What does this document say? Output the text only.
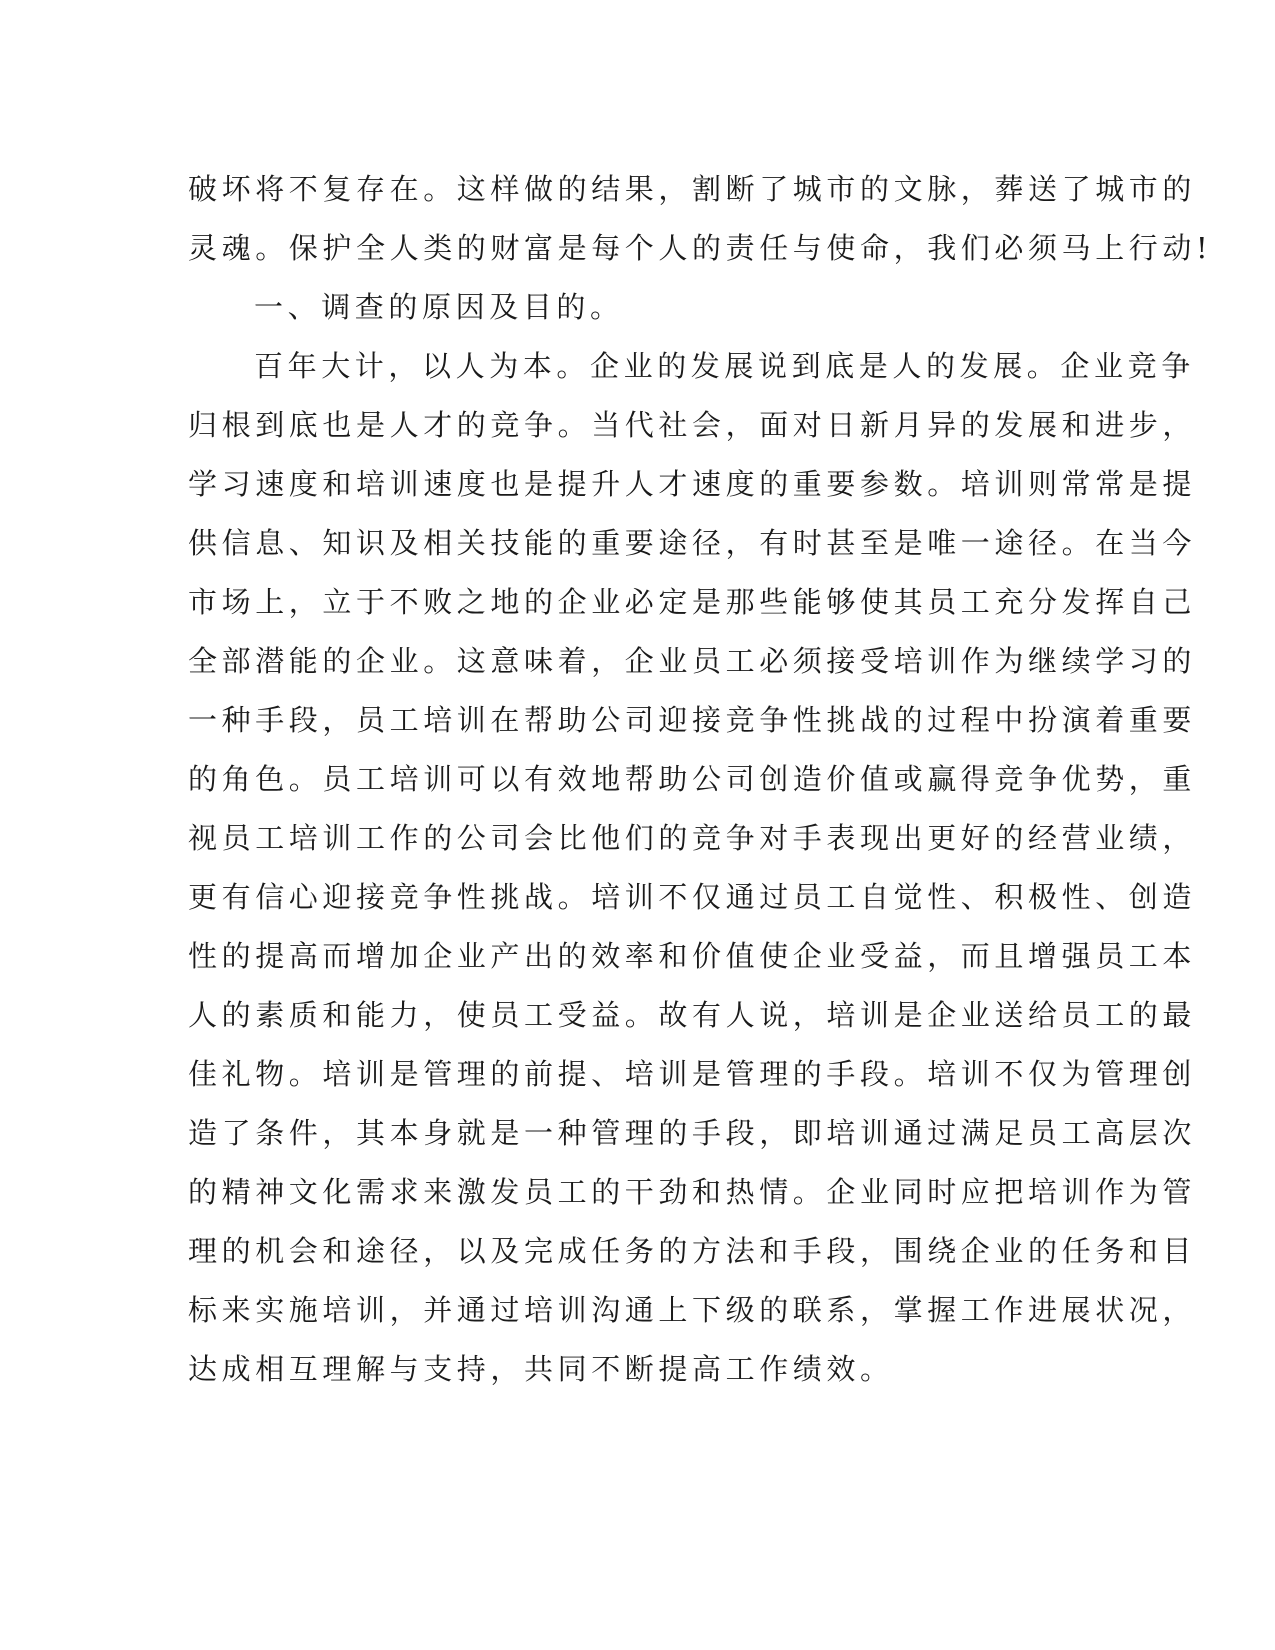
破坏将不复存在。这样做的结果，割断了城市的文脉，葬送了城市的
灵魂。保护全人类的财富是每个人的责任与使命，我们必须马上行动!
一、调查的原因及目的。
百年大计，以人为本。企业的发展说到底是人的发展。企业竞争
归根到底也是人才的竞争。当代社会，面对日新月异的发展和进步，
学习速度和培训速度也是提升人才速度的重要参数。培训则常常是提
供信息、知识及相关技能的重要途径，有时甚至是唯一途径。在当今
市场上，立于不败之地的企业必定是那些能够使其员工充分发挥自己
全部潜能的企业。这意味着，企业员工必须接受培训作为继续学习的
一种手段，员工培训在帮助公司迎接竞争性挑战的过程中扮演着重要
的角色。员工培训可以有效地帮助公司创造价值或赢得竞争优势，重
视员工培训工作的公司会比他们的竞争对手表现出更好的经营业绩，
更有信心迎接竞争性挑战。培训不仅通过员工自觉性、积极性、创造
性的提高而增加企业产出的效率和价值使企业受益，而且增强员工本
人的素质和能力，使员工受益。故有人说，培训是企业送给员工的最
佳礼物。培训是管理的前提、培训是管理的手段。培训不仅为管理创
造了条件，其本身就是一种管理的手段，即培训通过满足员工高层次
的精神文化需求来激发员工的干劲和热情。企业同时应把培训作为管
理的机会和途径，以及完成任务的方法和手段，围绕企业的任务和目
标来实施培训，并通过培训沟通上下级的联系，掌握工作进展状况，
达成相互理解与支持，共同不断提高工作绩效。
